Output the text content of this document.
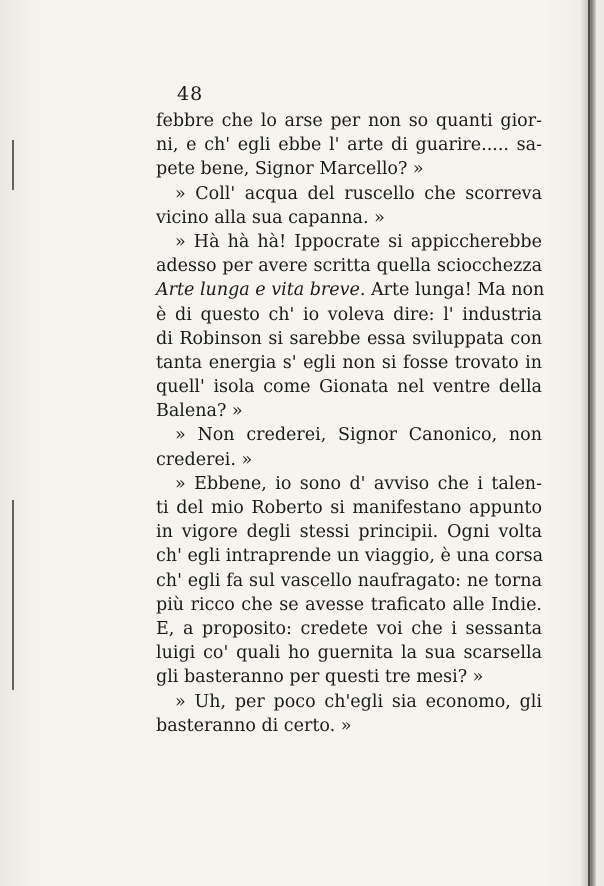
48
febbre che lo arse per non so quanti gior-
ni, e ch' egli ebbe l' arte di guarire..... sa-
pete bene, Signor Marcello? »
» Coll' acqua del ruscello che scorreva
vicino alla sua capanna. »
» Hà hà hà! Ippocrate si appiccherebbe
adesso per avere scritta quella sciocchezza
Arte lunga e vita breve. Arte lunga! Ma non
è di questo ch' io voleva dire: l' industria
di Robinson si sarebbe essa sviluppata con
tanta energia s' egli non si fosse trovato in
quell' isola come Gionata nel ventre della
Balena? »
» Non crederei, Signor Canonico, non
crederei. »
» Ebbene, io sono d' avviso che i talen-
ti del mio Roberto si manifestano appunto
in vigore degli stessi principii. Ogni volta
ch' egli intraprende un viaggio, è una corsa
ch' egli fa sul vascello naufragato: ne torna
più ricco che se avesse traficato alle Indie.
E, a proposito: credete voi che i sessanta
luigi co' quali ho guernita la sua scarsella
gli basteranno per questi tre mesi? »
» Uh, per poco ch'egli sia economo, gli
basteranno di certo. »
